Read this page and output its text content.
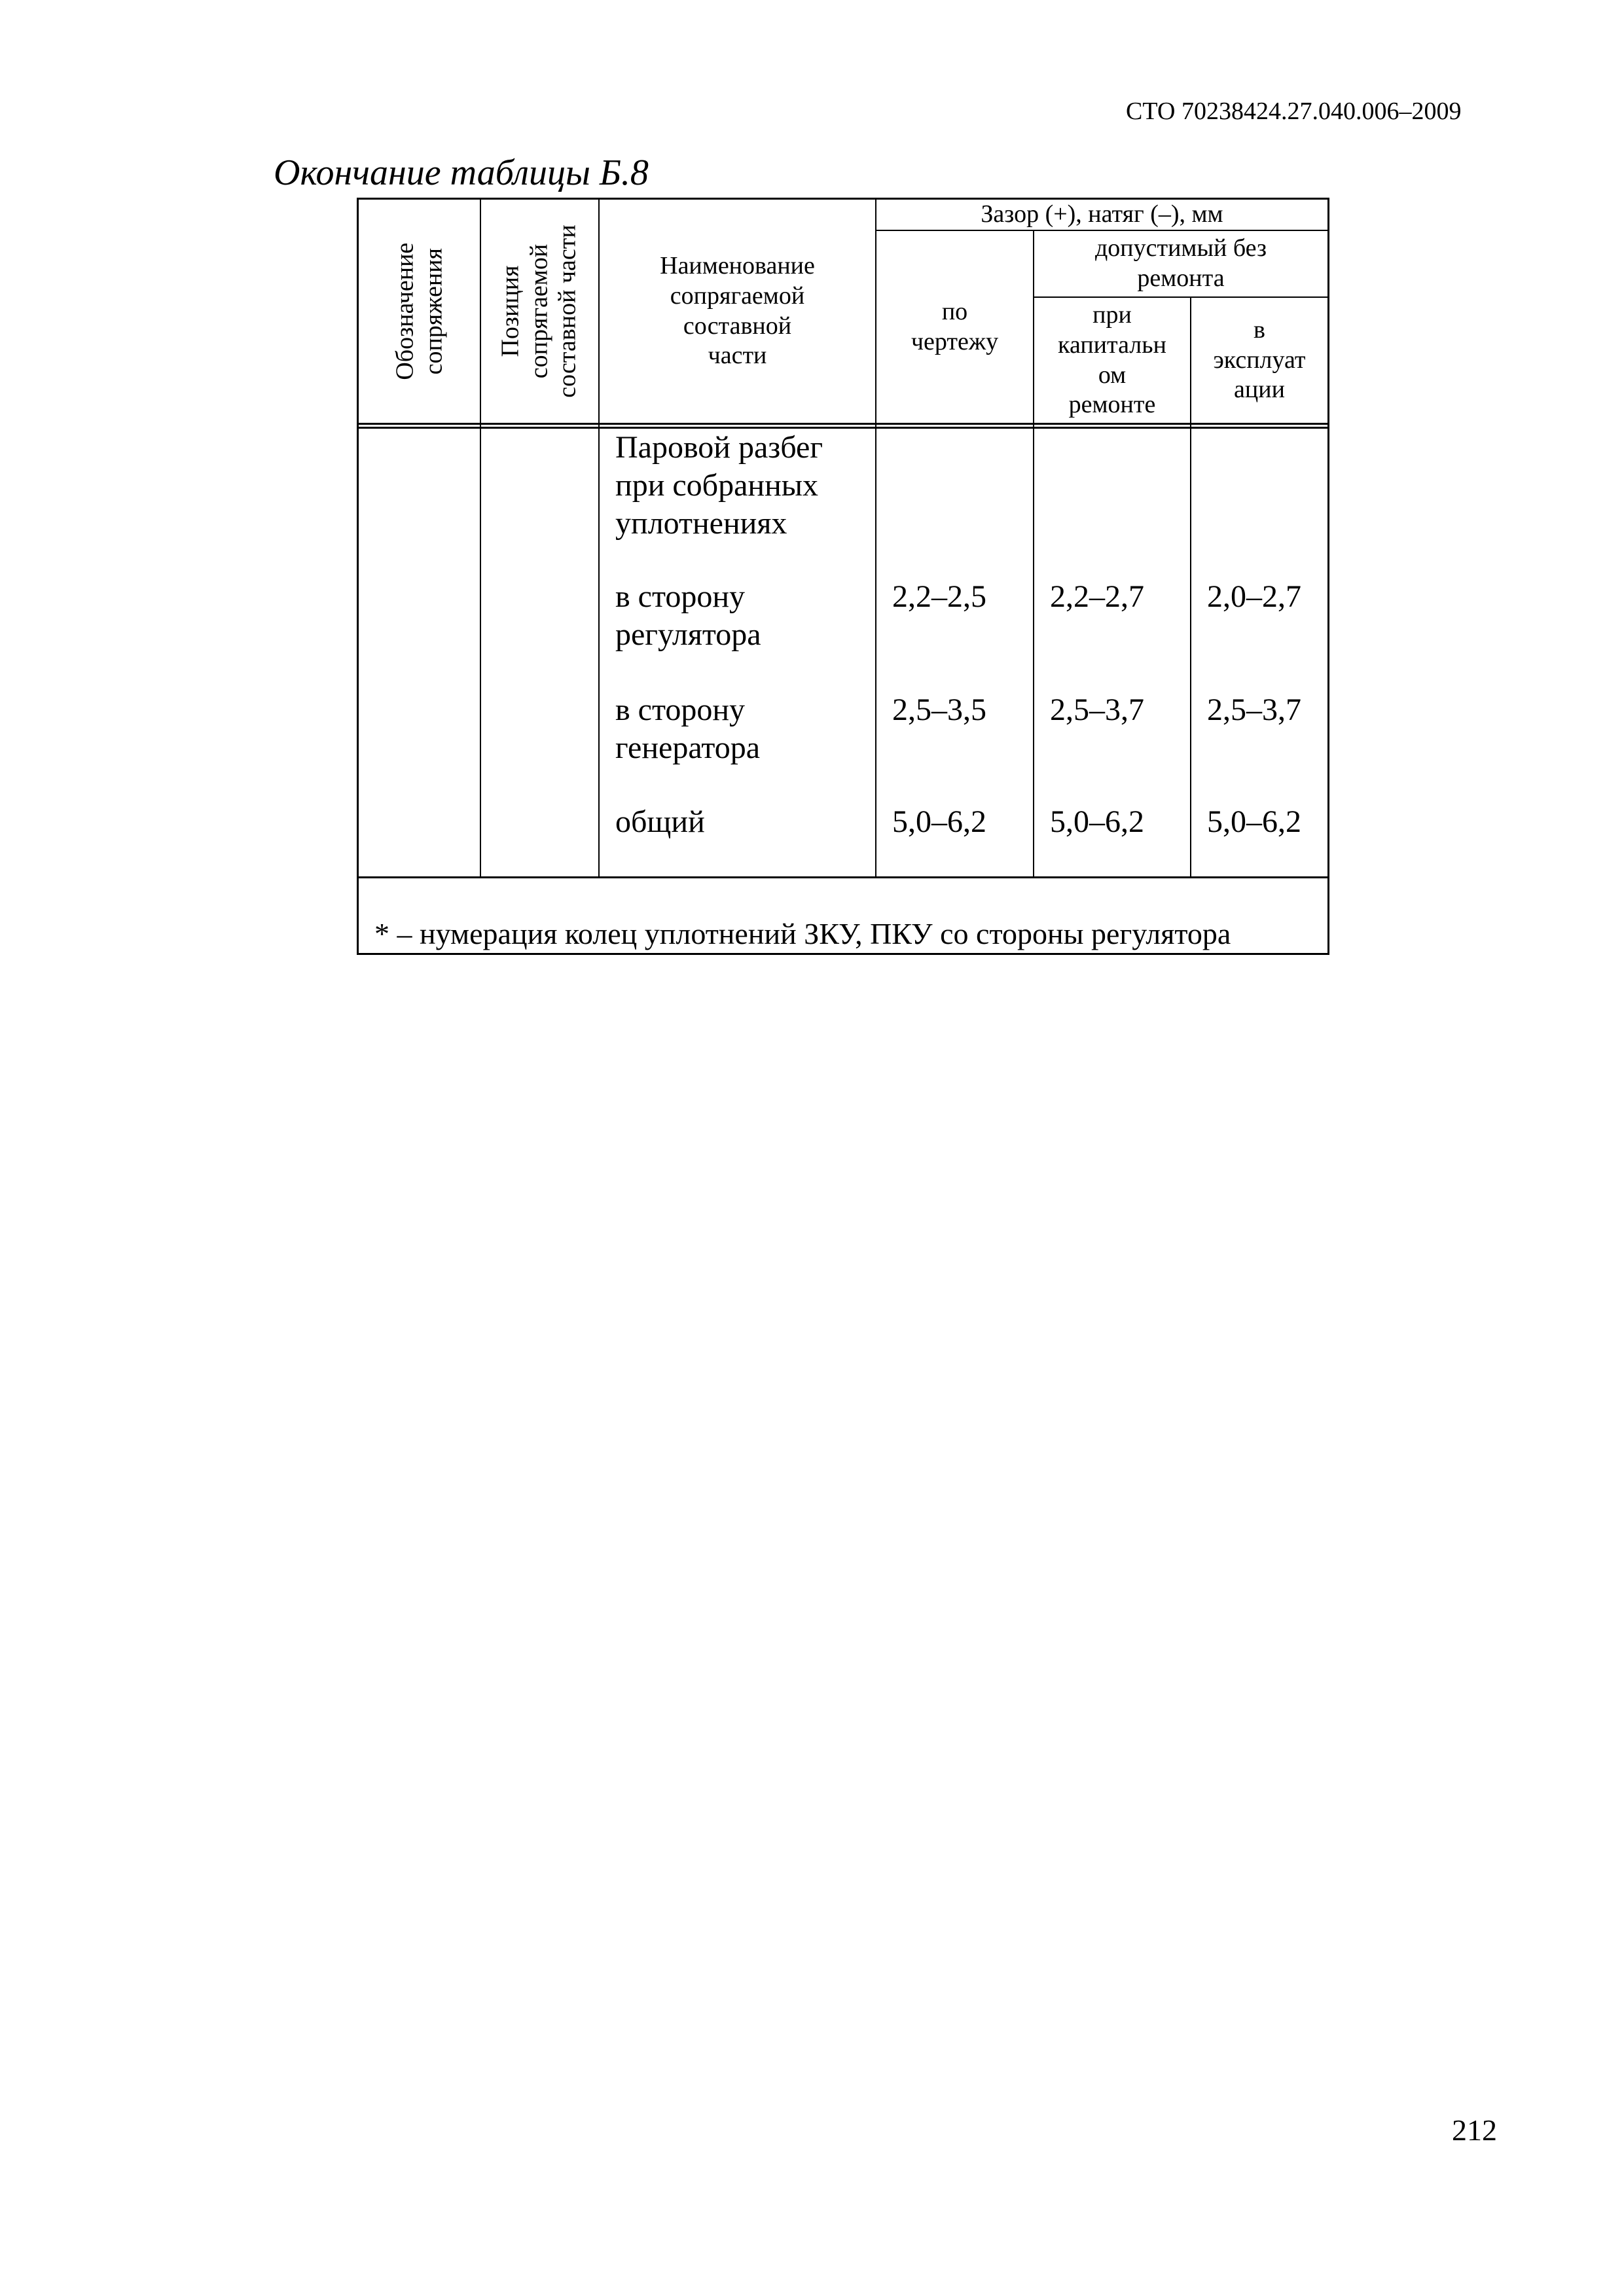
СТО 70238424.27.040.006–2009
Окончание таблицы Б.8
Обозначение
сопряжения Позиция
сопрягаемой
составной части	Наименование
сопрягаемой
составной
части
Зазор (+), натяг (–), мм
по
чертежу
допустимый без
ремонта
при
капитальн
ом
ремонте
в
эксплуат
ации
Паровой разбег
при собранных
уплотнениях
в сторону
регулятора
2,2–2,5 2,2–2,7 2,0–2,7
в сторону
генератора
2,5–3,5 2,5–3,7 2,5–3,7
общий	5,0–6,2 5,0–6,2 5,0–6,2
* – нумерация колец уплотнений ЗКУ, ПКУ со стороны регулятора
212
